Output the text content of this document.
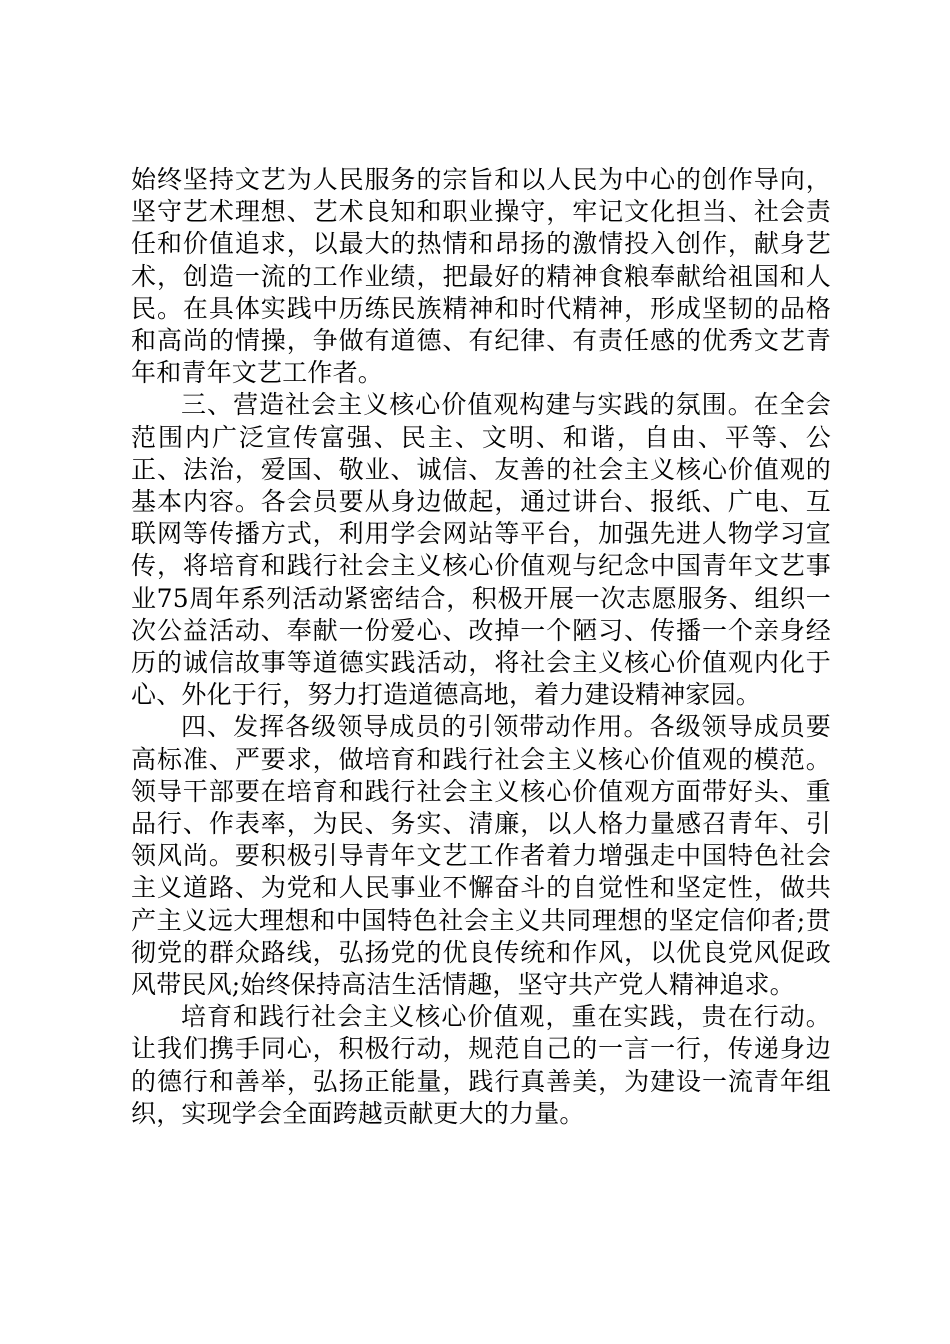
始终坚持文艺为人民服务的宗旨和以人民为中心的创作导向，坚守艺术理想、艺术良知和职业操守，牢记文化担当、社会责任和价值追求，以最大的热情和昂扬的激情投入创作，献身艺术，创造一流的工作业绩，把最好的精神食粮奉献给祖国和人民。在具体实践中历练民族精神和时代精神，形成坚韧的品格和高尚的情操，争做有道德、有纪律、有责任感的优秀文艺青年和青年文艺工作者。

三、营造社会主义核心价值观构建与实践的氛围。在全会范围内广泛宣传富强、民主、文明、和谐，自由、平等、公正、法治，爱国、敬业、诚信、友善的社会主义核心价值观的基本内容。各会员要从身边做起，通过讲台、报纸、广电、互联网等传播方式，利用学会网站等平台，加强先进人物学习宣传，将培育和践行社会主义核心价值观与纪念中国青年文艺事业75周年系列活动紧密结合，积极开展一次志愿服务、组织一次公益活动、奉献一份爱心、改掉一个陋习、传播一个亲身经历的诚信故事等道德实践活动，将社会主义核心价值观内化于心、外化于行，努力打造道德高地，着力建设精神家园。

四、发挥各级领导成员的引领带动作用。各级领导成员要高标准、严要求，做培育和践行社会主义核心价值观的模范。领导干部要在培育和践行社会主义核心价值观方面带好头、重品行、作表率，为民、务实、清廉，以人格力量感召青年、引领风尚。要积极引导青年文艺工作者着力增强走中国特色社会主义道路、为党和人民事业不懈奋斗的自觉性和坚定性，做共产主义远大理想和中国特色社会主义共同理想的坚定信仰者;贯彻党的群众路线，弘扬党的优良传统和作风，以优良党风促政风带民风;始终保持高洁生活情趣，坚守共产党人精神追求。

培育和践行社会主义核心价值观，重在实践，贵在行动。让我们携手同心，积极行动，规范自己的一言一行，传递身边的德行和善举，弘扬正能量，践行真善美，为建设一流青年组织，实现学会全面跨越贡献更大的力量。
